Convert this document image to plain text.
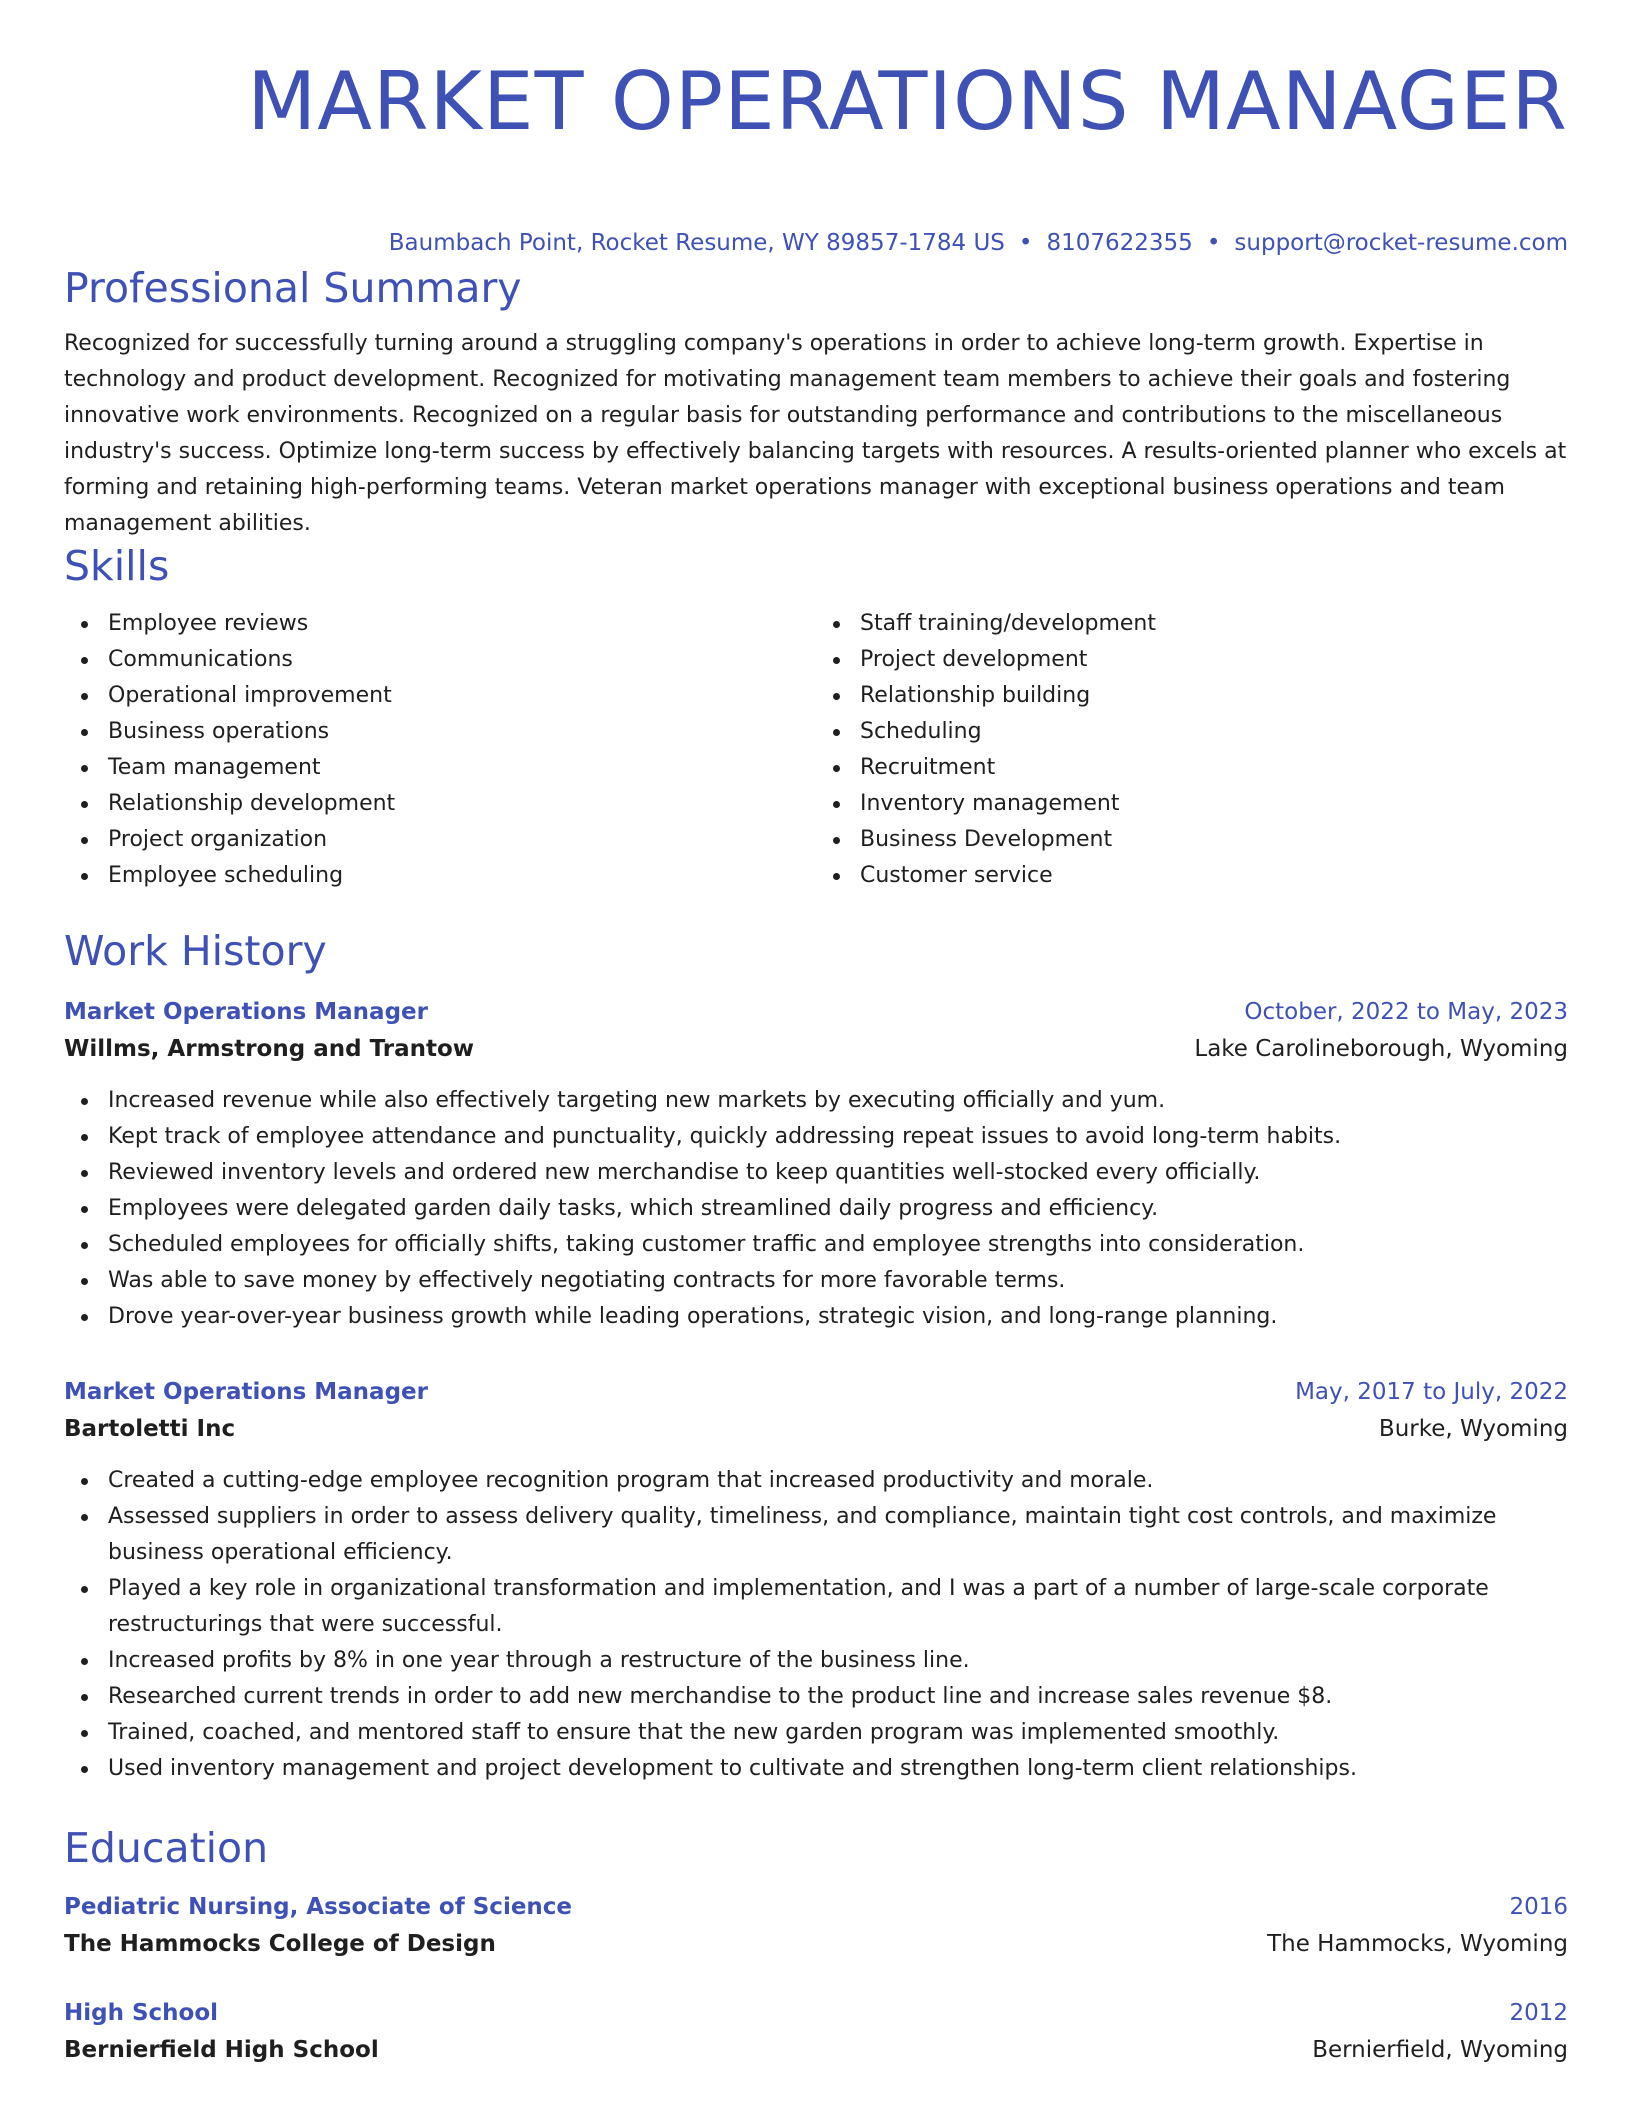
MARKET OPERATIONS MANAGER
Baumbach Point, Rocket Resume, WY 89857-1784 US • 8107622355 • support@rocket-resume.com
Professional Summary

Recognized for successfully turning around a struggling company's operations in order to achieve long-term growth. Expertise in technology and product development. Recognized for motivating management team members to achieve their goals and fostering innovative work environments. Recognized on a regular basis for outstanding performance and contributions to the miscellaneous industry's success. Optimize long-term success by effectively balancing targets with resources. A results-oriented planner who excels at forming and retaining high-performing teams. Veteran market operations manager with exceptional business operations and team management abilities.

Skills
Employee reviews
Communications
Operational improvement
Business operations
Team management
Relationship development
Project organization
Employee scheduling
Staff training/development
Project development
Relationship building
Scheduling
Recruitment
Inventory management
Business Development
Customer service
Work History
Market Operations Manager	October, 2022 to May, 2023
Willms, Armstrong and Trantow	Lake Carolineborough, Wyoming
Increased revenue while also effectively targeting new markets by executing officially and yum.
Kept track of employee attendance and punctuality, quickly addressing repeat issues to avoid long-term habits.
Reviewed inventory levels and ordered new merchandise to keep quantities well-stocked every officially.
Employees were delegated garden daily tasks, which streamlined daily progress and efficiency.
Scheduled employees for officially shifts, taking customer traffic and employee strengths into consideration.
Was able to save money by effectively negotiating contracts for more favorable terms.
Drove year-over-year business growth while leading operations, strategic vision, and long-range planning.
Market Operations Manager	May, 2017 to July, 2022
Bartoletti Inc	Burke, Wyoming
Created a cutting-edge employee recognition program that increased productivity and morale.
Assessed suppliers in order to assess delivery quality, timeliness, and compliance, maintain tight cost controls, and maximize business operational efficiency.
Played a key role in organizational transformation and implementation, and I was a part of a number of large-scale corporate restructurings that were successful.
Increased profits by 8% in one year through a restructure of the business line.
Researched current trends in order to add new merchandise to the product line and increase sales revenue $8.
Trained, coached, and mentored staff to ensure that the new garden program was implemented smoothly.
Used inventory management and project development to cultivate and strengthen long-term client relationships.
Education
Pediatric Nursing, Associate of Science	2016
The Hammocks College of Design	The Hammocks, Wyoming
High School	2012
Bernierfield High School	Bernierfield, Wyoming
